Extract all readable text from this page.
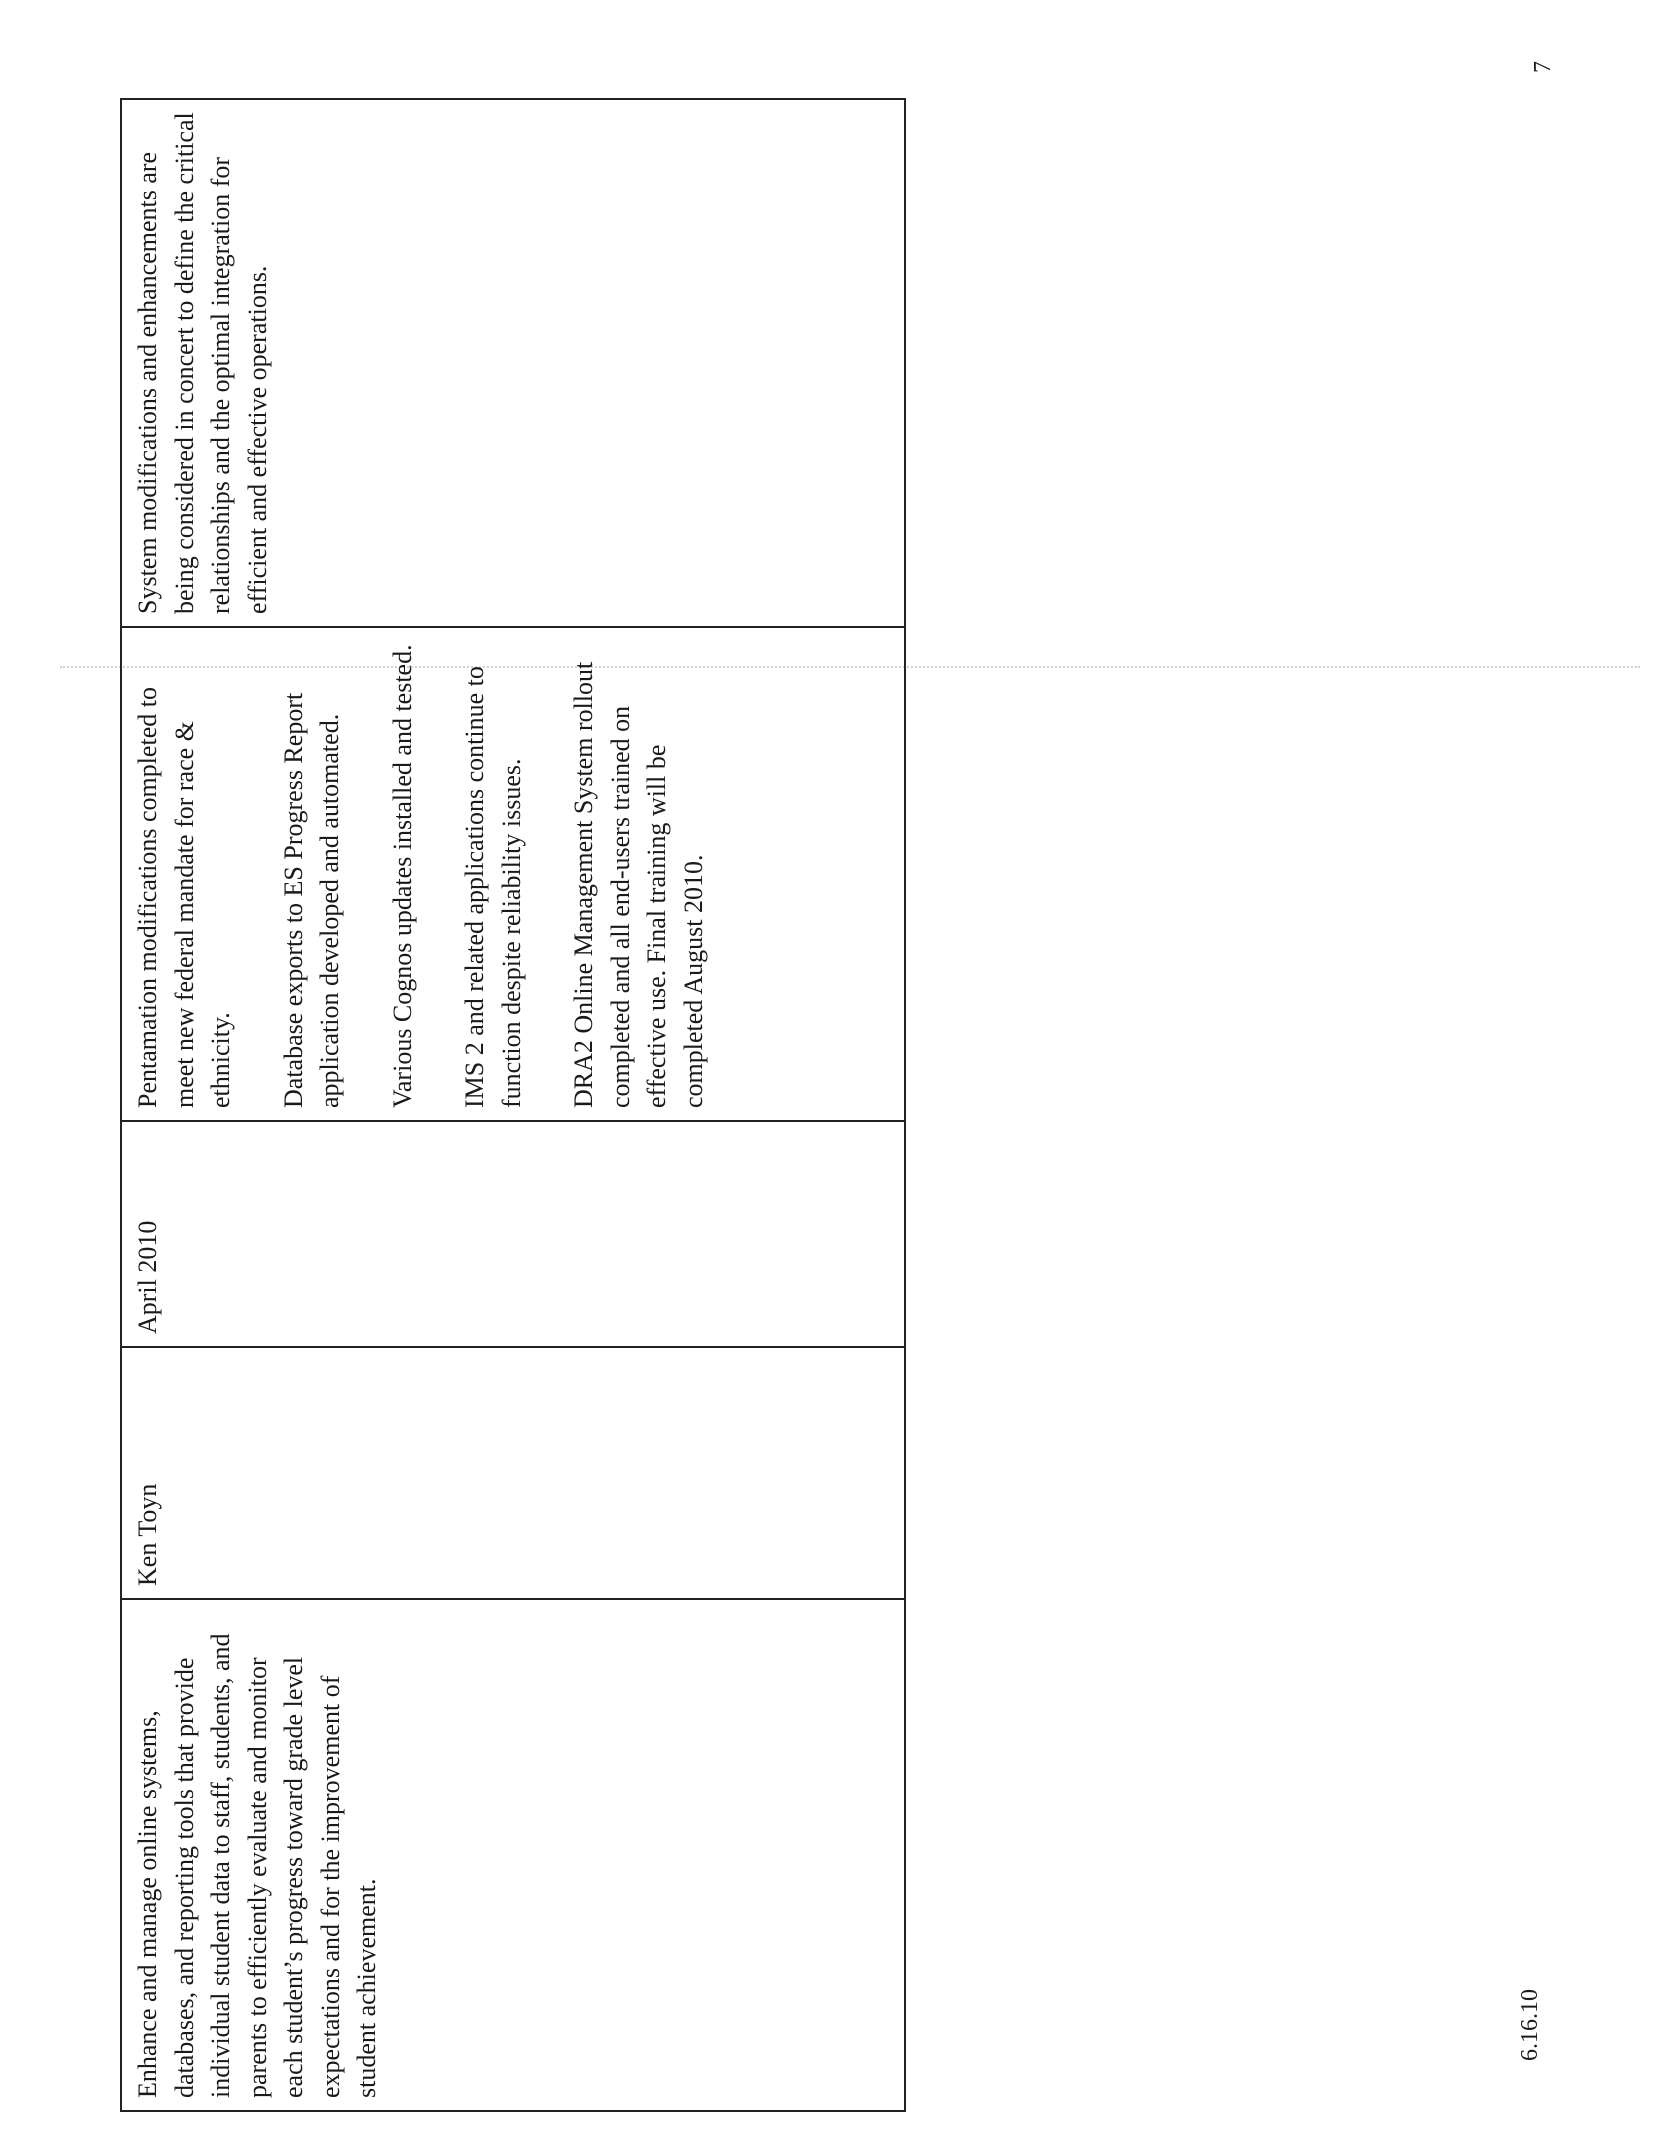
7
Enhance and manage online systems, databases, and reporting tools that provide individual student data to staff, students, and parents to efficiently evaluate and monitor each student’s progress toward grade level expectations and for the improvement of student achievement.
Ken Toyn
April 2010

Pentamation modifications completed to meet new federal mandate for race & ethnicity. Database exports to ES Progress Report application developed and automated. Various Cognos updates installed and tested. IMS 2 and related applications continue to function despite reliability issues. DRA2 Online Management System rollout completed and all end-users trained on effective use. Final training will be completed August 2010.

System modifications and enhancements are being considered in concert to define the critical relationships and the optimal integration for efficient and effective operations.
6.16.10
